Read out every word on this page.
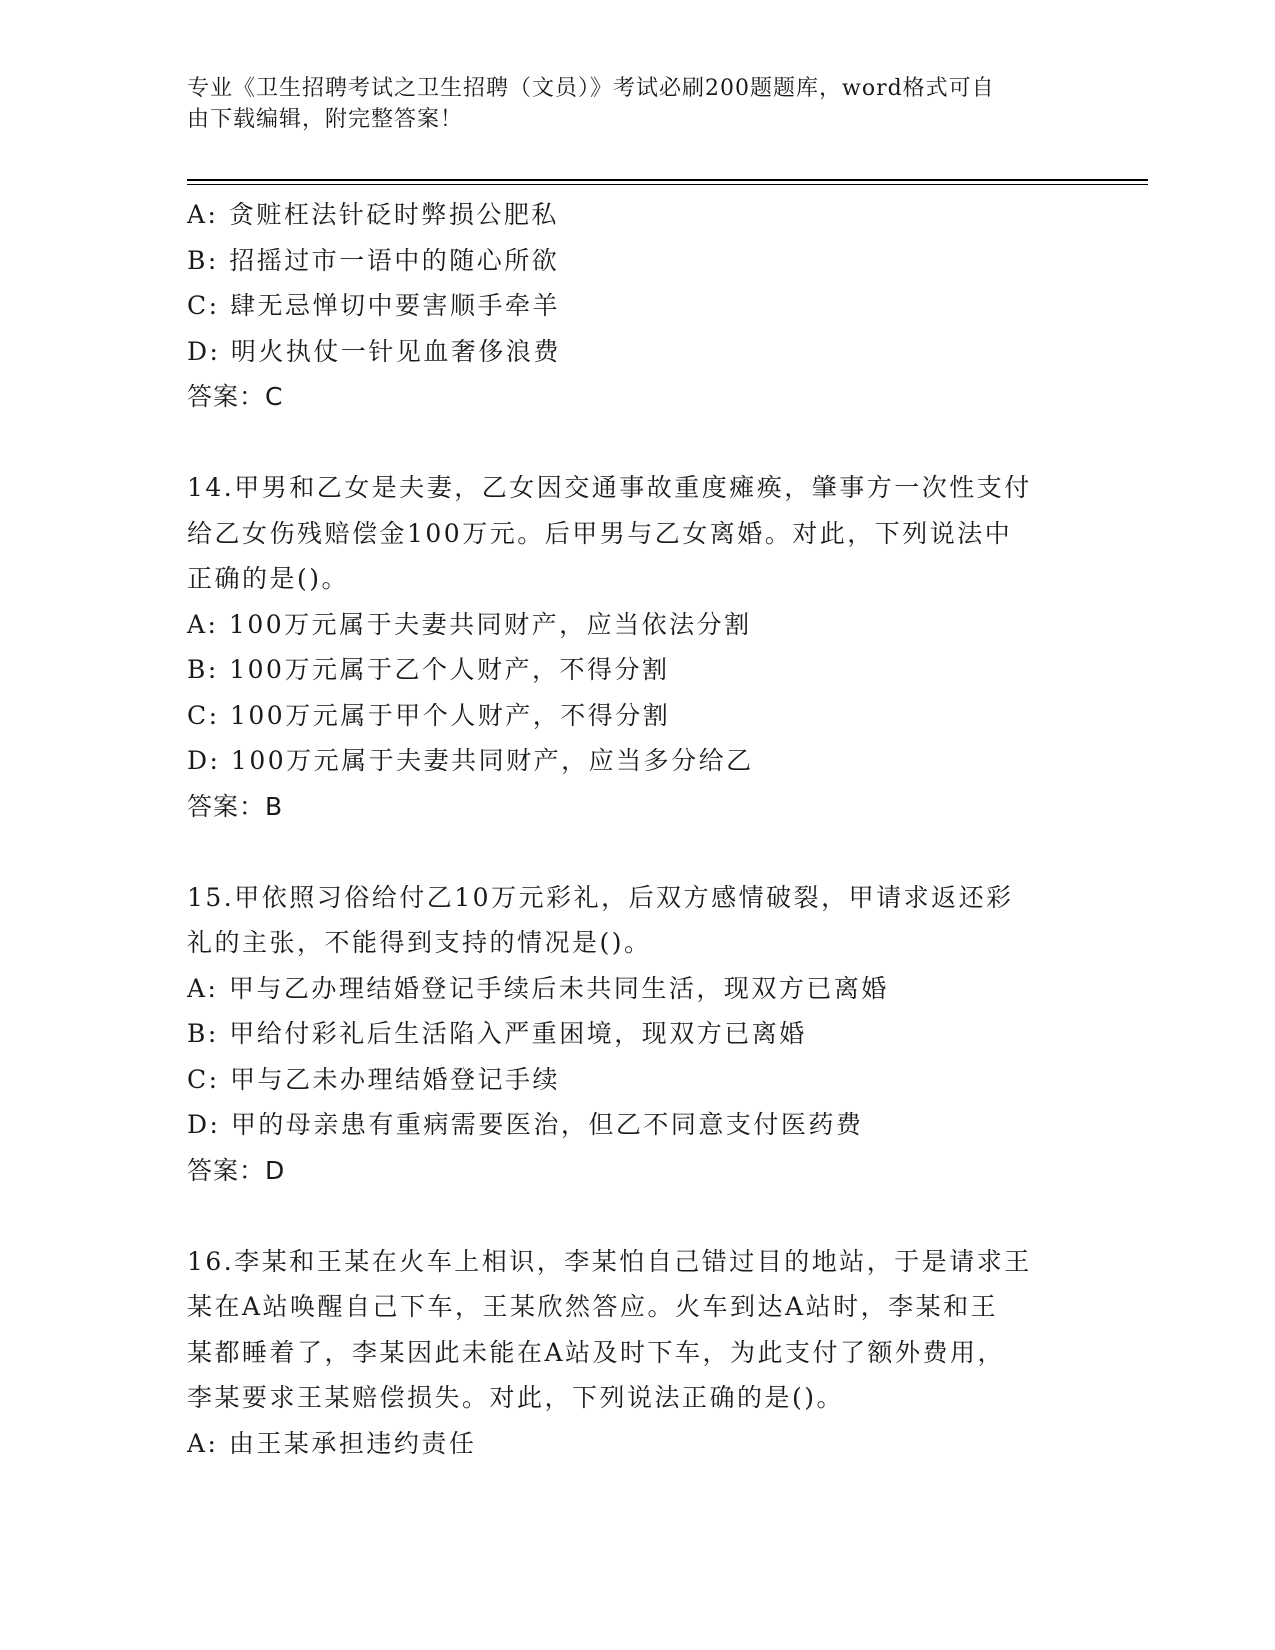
专业《卫生招聘考试之卫生招聘（文员）》考试必刷200题题库，word格式可自
由下载编辑，附完整答案！
A: 贪赃枉法针砭时弊损公肥私
B: 招摇过市一语中的随心所欲
C: 肆无忌惮切中要害顺手牵羊
D: 明火执仗一针见血奢侈浪费
答案：C
14.甲男和乙女是夫妻，乙女因交通事故重度瘫痪，肇事方一次性支付
给乙女伤残赔偿金100万元。后甲男与乙女离婚。对此，下列说法中
正确的是()。
A: 100万元属于夫妻共同财产，应当依法分割
B: 100万元属于乙个人财产，不得分割
C: 100万元属于甲个人财产，不得分割
D: 100万元属于夫妻共同财产，应当多分给乙
答案：B
15.甲依照习俗给付乙10万元彩礼，后双方感情破裂，甲请求返还彩
礼的主张，不能得到支持的情况是()。
A: 甲与乙办理结婚登记手续后未共同生活，现双方已离婚
B: 甲给付彩礼后生活陷入严重困境，现双方已离婚
C: 甲与乙未办理结婚登记手续
D: 甲的母亲患有重病需要医治，但乙不同意支付医药费
答案：D
16.李某和王某在火车上相识，李某怕自己错过目的地站，于是请求王
某在A站唤醒自己下车，王某欣然答应。火车到达A站时，李某和王
某都睡着了，李某因此未能在A站及时下车，为此支付了额外费用，
李某要求王某赔偿损失。对此，下列说法正确的是()。
A: 由王某承担违约责任
